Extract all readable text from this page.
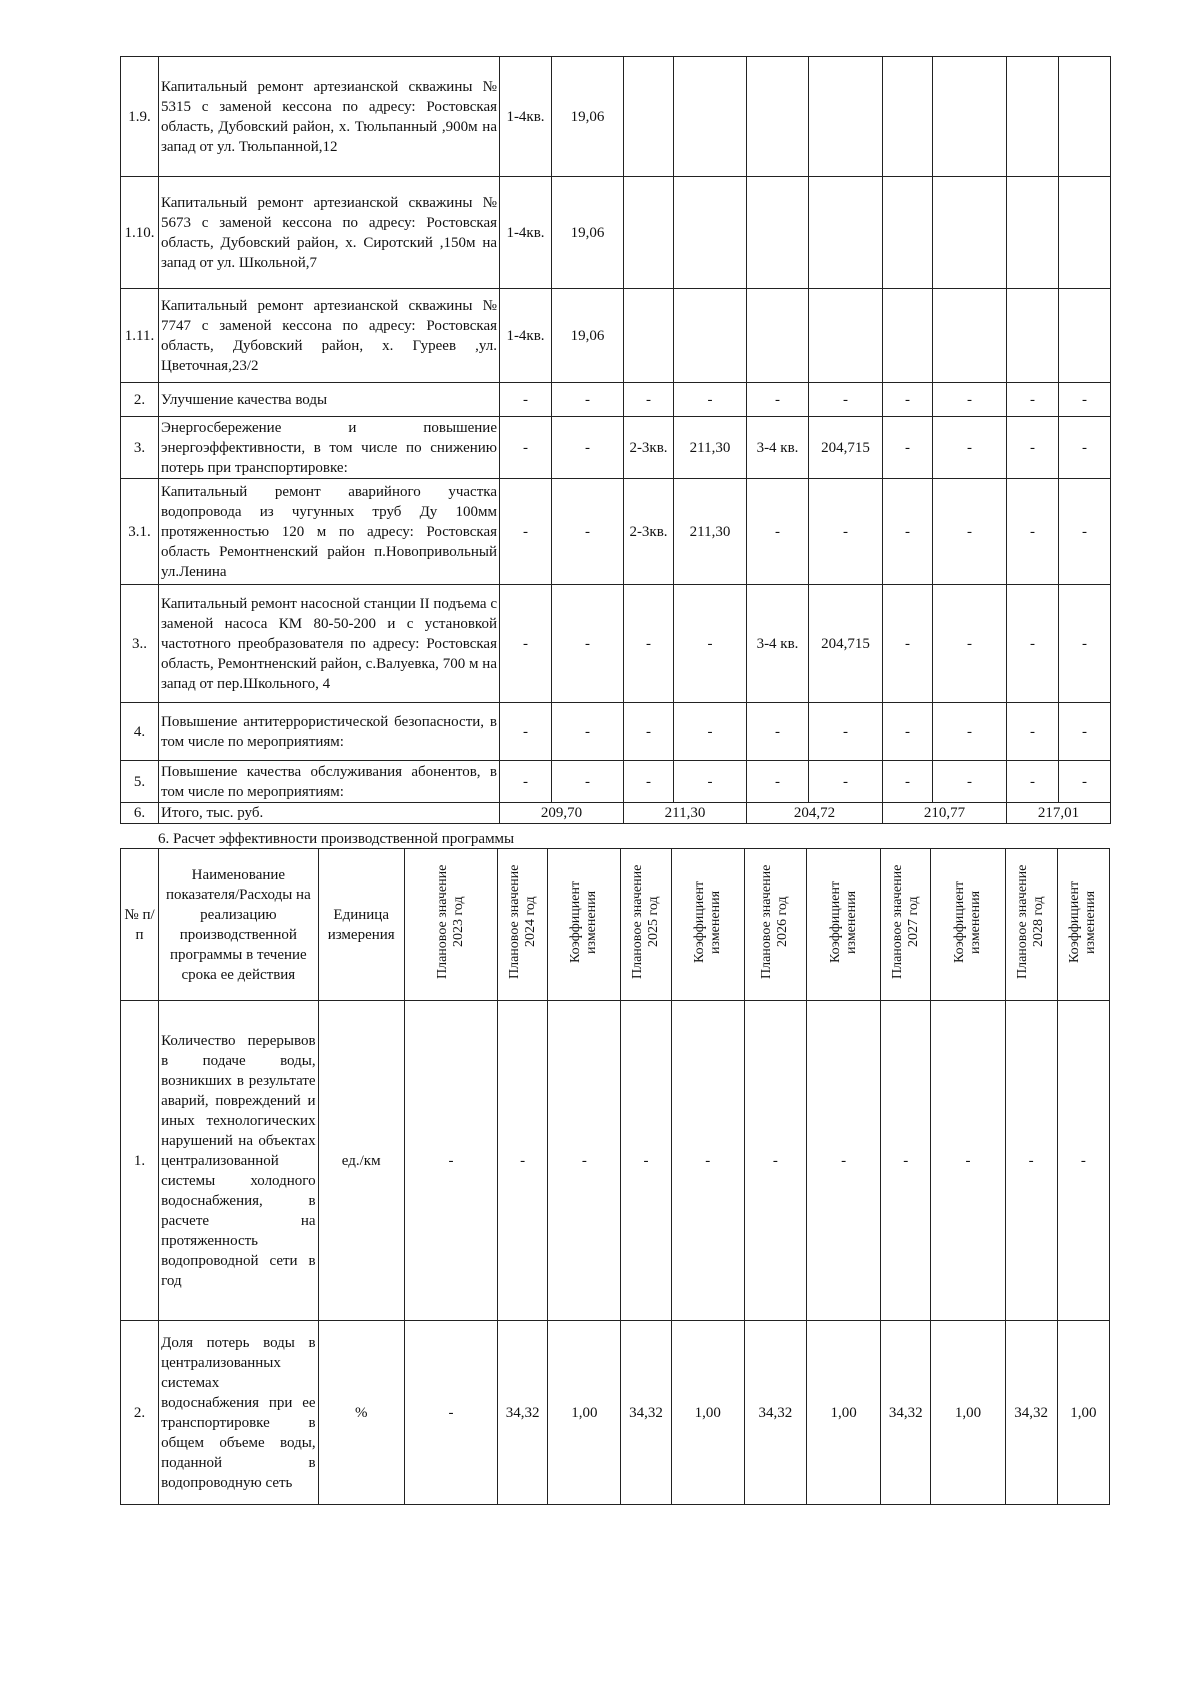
1.9.	Капитальный ремонт артезианской скважины № 5315 с заменой кессона по адресу: Ростовская область, Дубовский район, х. Тюльпанный ,900м на запад от ул. Тюльпанной,12	1-4кв.	19,06								
1.10.	Капитальный ремонт артезианской скважины № 5673 с заменой кессона по адресу: Ростовская область, Дубовский район, х. Сиротский ,150м на запад от ул. Школьной,7	1-4кв.	19,06								
1.11.	Капитальный ремонт артезианской скважины № 7747 с заменой кессона по адресу: Ростовская область, Дубовский район, х. Гуреев ,ул. Цветочная,23/2	1-4кв.	19,06								
2.	Улучшение качества воды	-	-	-	-	-	-	-	-	-	-
3.	Энергосбережение и повышение энергоэффективности, в том числе по снижению потерь при транспортировке:	-	-	2-3кв.	211,30	3-4 кв.	204,715	-	-	-	-
3.1.	Капитальный ремонт аварийного участка водопровода из чугунных труб Ду 100мм протяженностью 120 м по адресу: Ростовская область Ремонтненский район п.Новопривольный ул.Ленина	-	-	2-3кв.	211,30	-	-	-	-	-	-
3..	Капитальный ремонт насосной станции II подъема с заменой насоса КМ 80-50-200 и с установкой частотного преобразователя по адресу: Ростовская область, Ремонтненский район, с.Валуевка, 700 м на запад от пер.Школьного, 4	-	-	-	-	3-4 кв.	204,715	-	-	-	-
4.	Повышение антитеррористической безопасности, в том числе по мероприятиям:	-	-	-	-	-	-	-	-	-	-
5.	Повышение качества обслуживания абонентов, в том числе по мероприятиям:	-	-	-	-	-	-	-	-	-	-
6.	Итого, тыс. руб.	209,70		211,30		204,72		210,77		217,01	
6. Расчет эффективности производственной программы
№ п/п	Наименование показателя/Расходы на реализацию производственной программы в течение срока ее действия	Единица измерения	Плановое значение 2023 год	Плановое значение 2024 год	Коэффициент изменения	Плановое значение 2025 год	Коэффициент изменения	Плановое значение 2026 год	Коэффициент изменения	Плановое значение 2027 год	Коэффициент изменения	Плановое значение 2028 год	Коэффициент изменения
1.	Количество перерывов в подаче воды, возникших в результате аварий, повреждений и иных технологических нарушений на объектах централизованной системы холодного водоснабжения, в расчете на протяженность водопроводной сети в год	ед./км	-	-	-	-	-	-	-	-	-	-	-
2.	Доля потерь воды в централизованных системах водоснабжения при ее транспортировке в общем объеме воды, поданной в водопроводную сеть	%	-	34,32	1,00	34,32	1,00	34,32	1,00	34,32	1,00	34,32	1,00
